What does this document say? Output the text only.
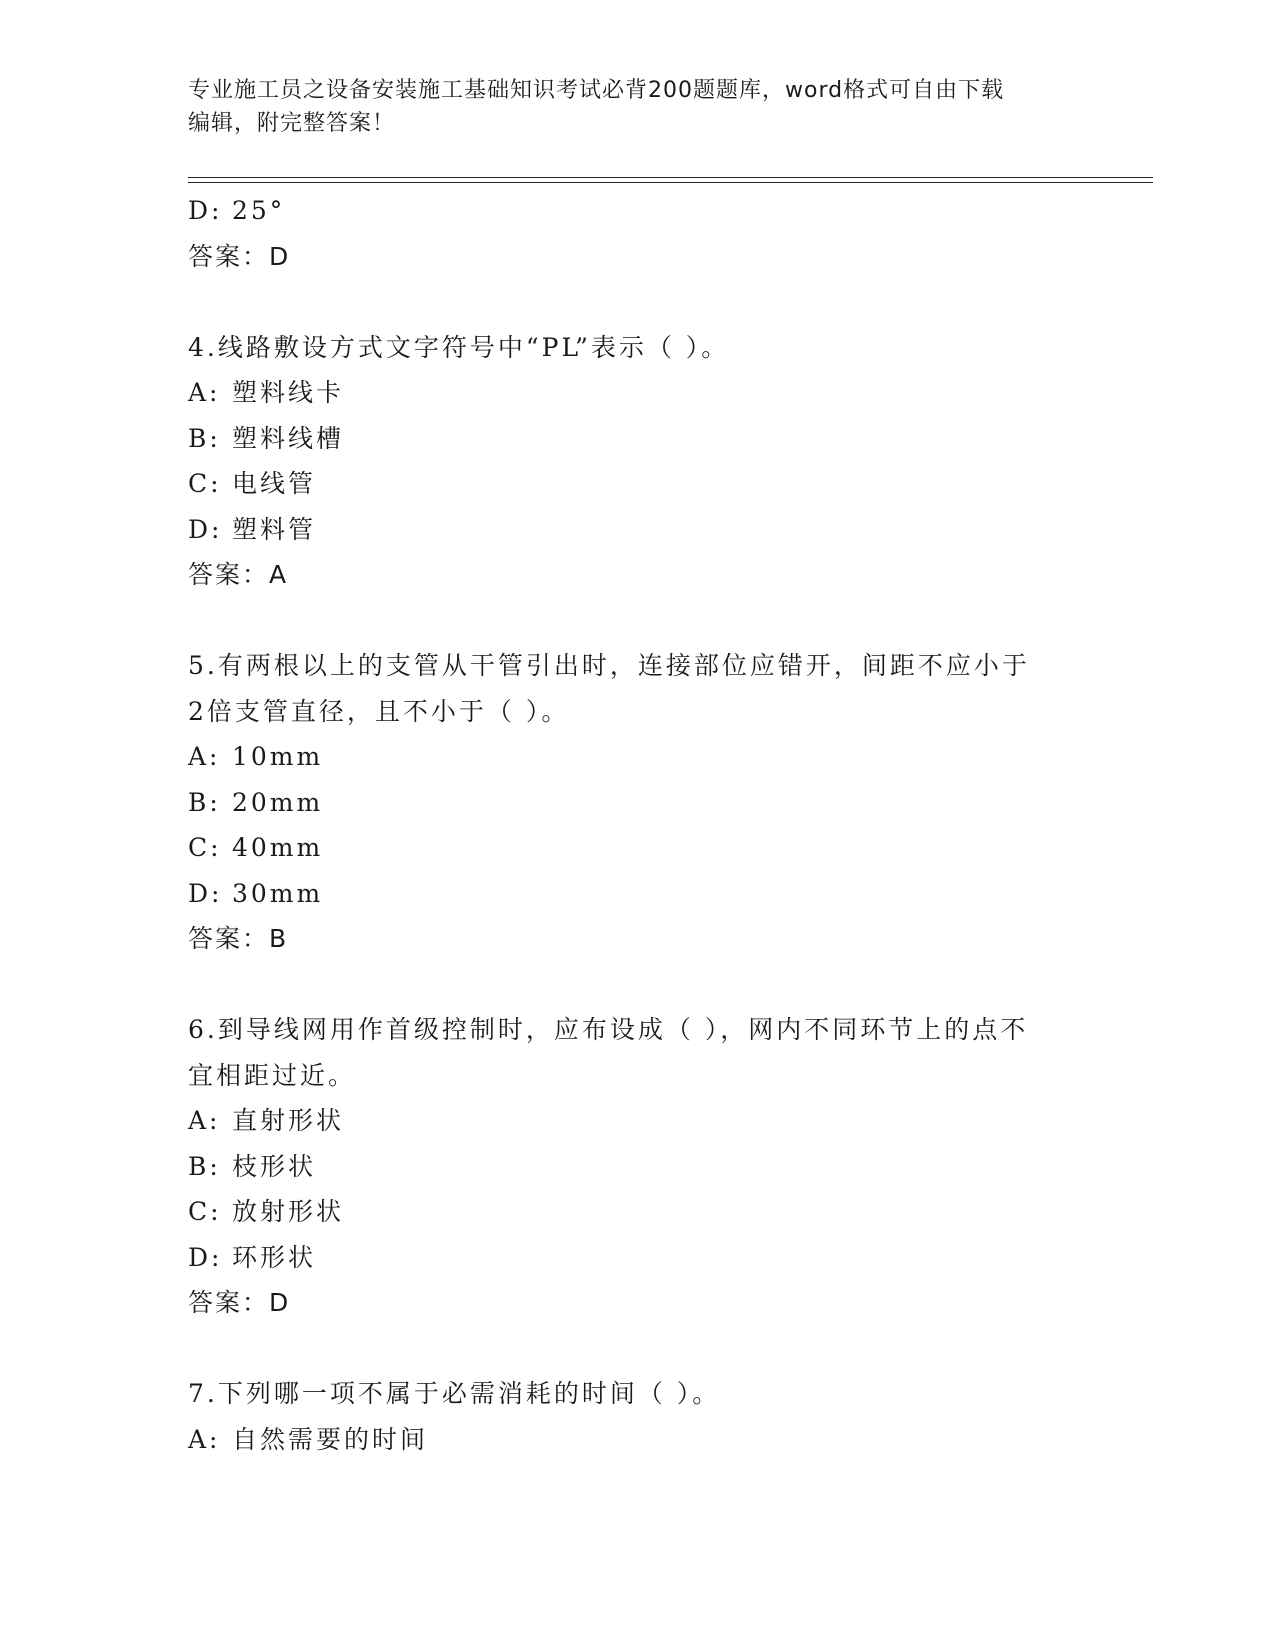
专业施工员之设备安装施工基础知识考试必背200题题库，word格式可自由下载
编辑，附完整答案！
D: 25°
答案：D
4.线路敷设方式文字符号中“PL”表示（ ）。
A: 塑料线卡
B: 塑料线槽
C: 电线管
D: 塑料管
答案：A
5.有两根以上的支管从干管引出时，连接部位应错开，间距不应小于
2倍支管直径，且不小于（ ）。
A: 10mm
B: 20mm
C: 40mm
D: 30mm
答案：B
6.到导线网用作首级控制时，应布设成（ ），网内不同环节上的点不
宜相距过近。
A: 直射形状
B: 枝形状
C: 放射形状
D: 环形状
答案：D
7.下列哪一项不属于必需消耗的时间（ ）。
A: 自然需要的时间
